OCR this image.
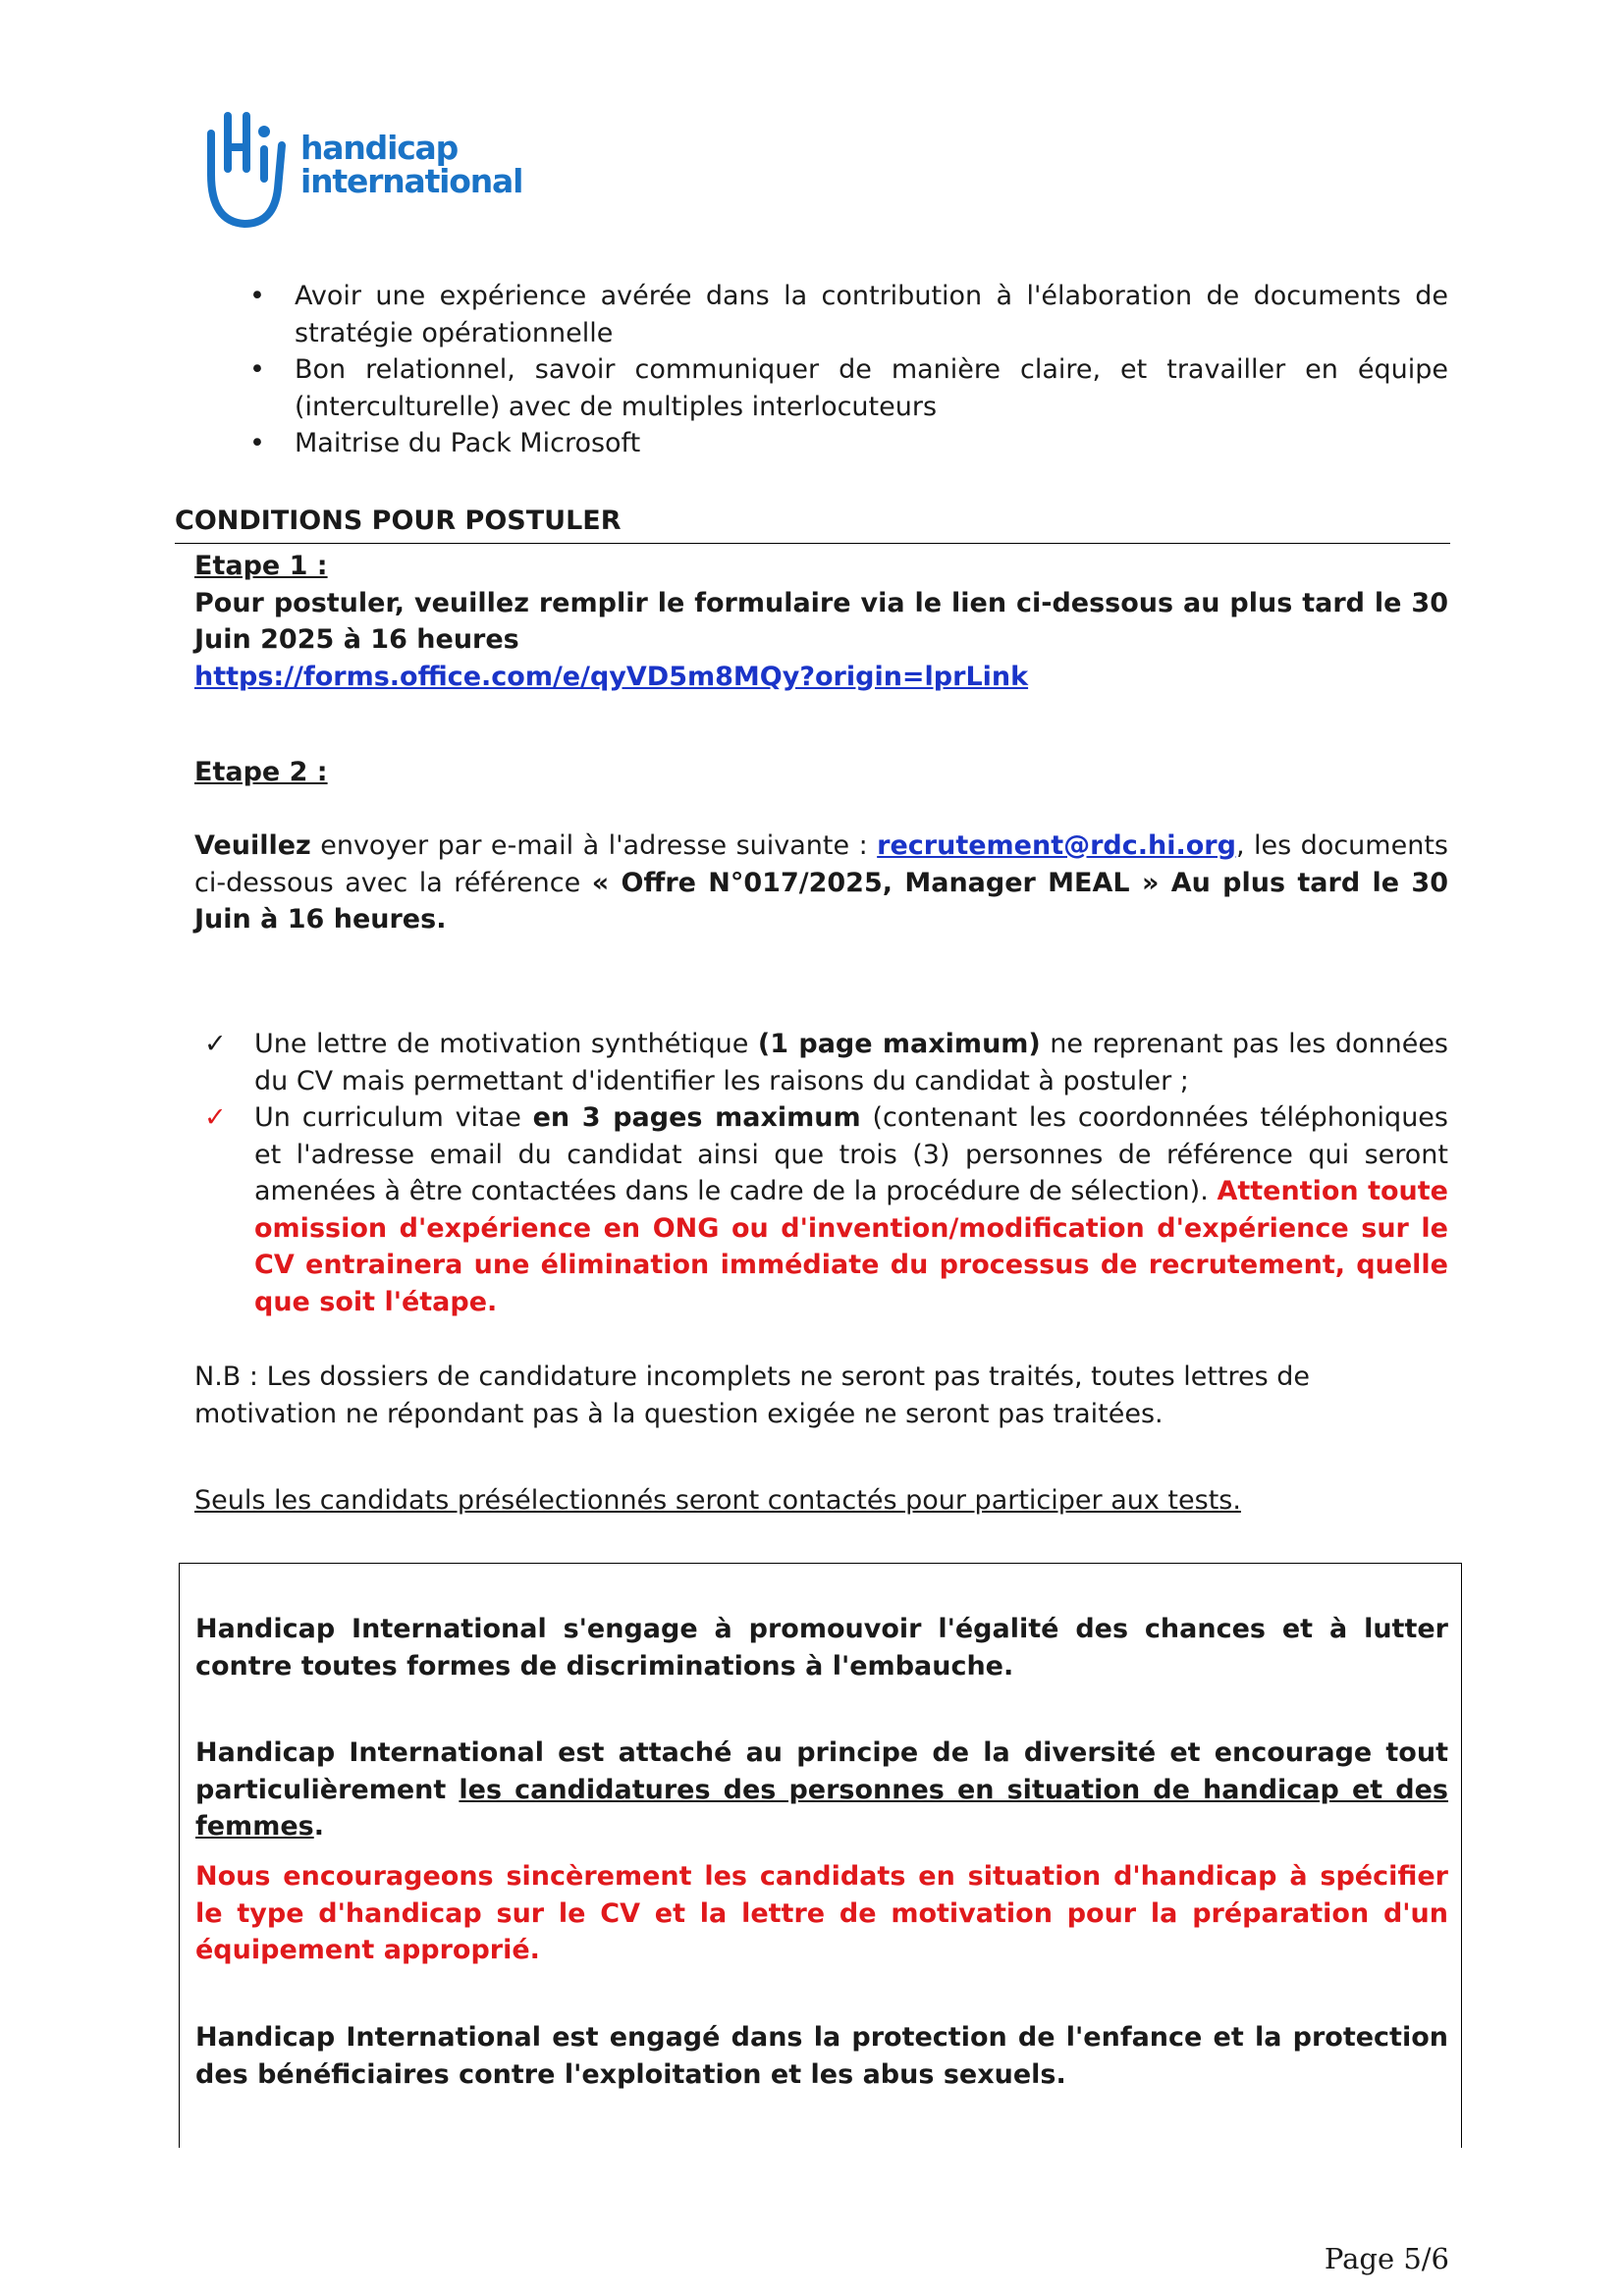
handicap
international
• Avoir une expérience avérée dans la contribution à l'élaboration de documents de stratégie opérationnelle
• Bon relationnel, savoir communiquer de manière claire, et travailler en équipe (interculturelle) avec de multiples interlocuteurs
• Maitrise du Pack Microsoft
CONDITIONS POUR POSTULER
Etape 1 :
Pour postuler, veuillez remplir le formulaire via le lien ci-dessous au plus tard le 30 Juin 2025 à 16 heures
https://forms.office.com/e/qyVD5m8MQy?origin=lprLink
Etape 2 :
Veuillez envoyer par e-mail à l'adresse suivante : recrutement@rdc.hi.org, les documents ci-dessous avec la référence « Offre N°017/2025, Manager MEAL » Au plus tard le 30 Juin à 16 heures.
✓ Une lettre de motivation synthétique (1 page maximum) ne reprenant pas les données du CV mais permettant d'identifier les raisons du candidat à postuler ;
✓ Un curriculum vitae en 3 pages maximum (contenant les coordonnées téléphoniques et l'adresse email du candidat ainsi que trois (3) personnes de référence qui seront amenées à être contactées dans le cadre de la procédure de sélection). Attention toute omission d'expérience en ONG ou d'invention/modification d'expérience sur le CV entrainera une élimination immédiate du processus de recrutement, quelle que soit l'étape.
N.B : Les dossiers de candidature incomplets ne seront pas traités, toutes lettres de motivation ne répondant pas à la question exigée ne seront pas traitées.
Seuls les candidats présélectionnés seront contactés pour participer aux tests.
Handicap International s'engage à promouvoir l'égalité des chances et à lutter contre toutes formes de discriminations à l'embauche.
Handicap International est attaché au principe de la diversité et encourage tout particulièrement les candidatures des personnes en situation de handicap et des femmes.
Nous encourageons sincèrement les candidats en situation d'handicap à spécifier le type d'handicap sur le CV et la lettre de motivation pour la préparation d'un équipement approprié.
Handicap International est engagé dans la protection de l'enfance et la protection des bénéficiaires contre l'exploitation et les abus sexuels.
Page 5/6
